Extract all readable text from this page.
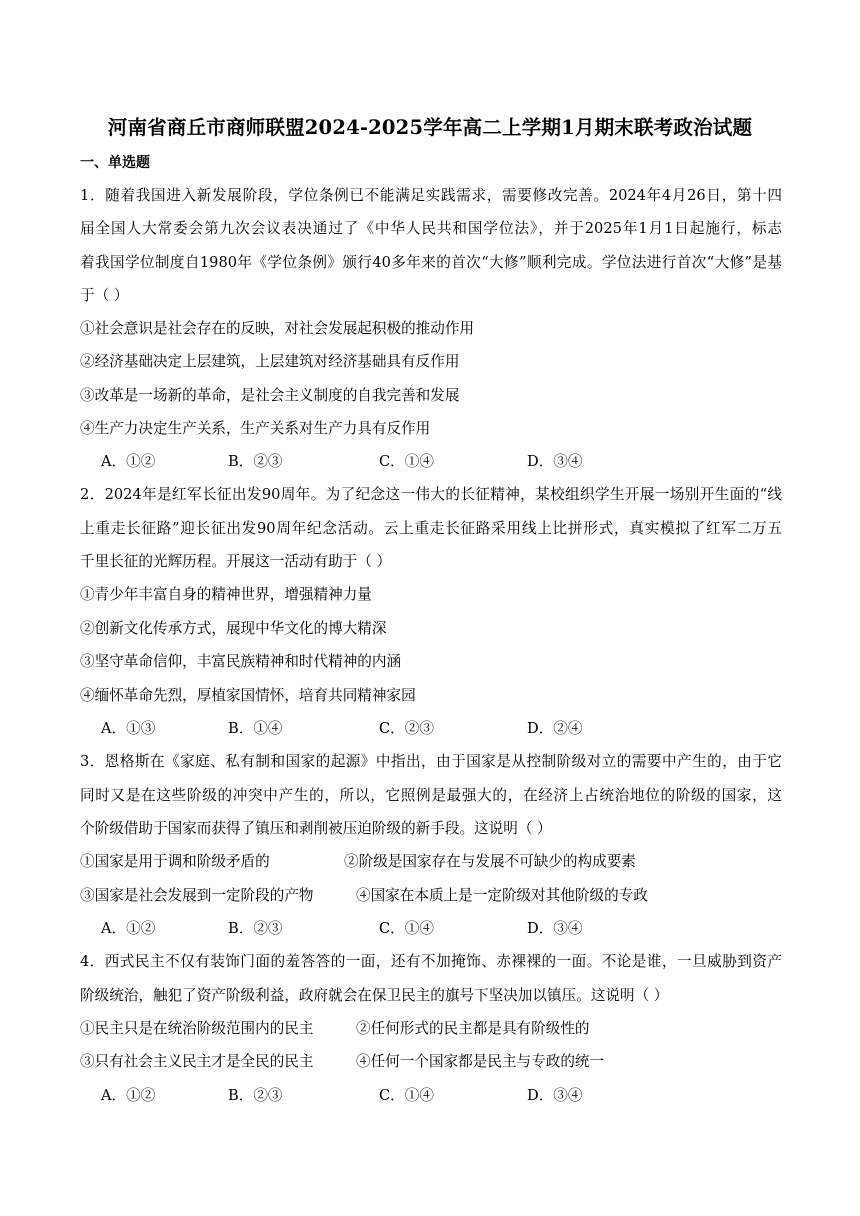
河南省商丘市商师联盟2024-2025学年高二上学期1月期末联考政治试题
一、单选题
1．随着我国进入新发展阶段，学位条例已不能满足实践需求，需要修改完善。2024年4月26日，第十四
届全国人大常委会第九次会议表决通过了《中华人民共和国学位法》，并于2025年1月1日起施行，标志
着我国学位制度自1980年《学位条例》颁行40多年来的首次“大修”顺利完成。学位法进行首次“大修”是基
于（ ）
①社会意识是社会存在的反映，对社会发展起积极的推动作用
②经济基础决定上层建筑，上层建筑对经济基础具有反作用
③改革是一场新的革命，是社会主义制度的自我完善和发展
④生产力决定生产关系，生产关系对生产力具有反作用
A．①②	B．②③	C．①④	D．③④
2．2024年是红军长征出发90周年。为了纪念这一伟大的长征精神，某校组织学生开展一场别开生面的“线
上重走长征路”迎长征出发90周年纪念活动。云上重走长征路采用线上比拼形式，真实模拟了红军二万五
千里长征的光辉历程。开展这一活动有助于（ ）
①青少年丰富自身的精神世界，增强精神力量
②创新文化传承方式，展现中华文化的博大精深
③坚守革命信仰，丰富民族精神和时代精神的内涵
④缅怀革命先烈，厚植家国情怀，培育共同精神家园
A．①③	B．①④	C．②③	D．②④
3．恩格斯在《家庭、私有制和国家的起源》中指出，由于国家是从控制阶级对立的需要中产生的，由于它
同时又是在这些阶级的冲突中产生的，所以，它照例是最强大的，在经济上占统治地位的阶级的国家，这
个阶级借助于国家而获得了镇压和剥削被压迫阶级的新手段。这说明（ ）
①国家是用于调和阶级矛盾的	②阶级是国家存在与发展不可缺少的构成要素
③国家是社会发展到一定阶段的产物	④国家在本质上是一定阶级对其他阶级的专政
A．①②	B．②③	C．①④	D．③④
4．西式民主不仅有装饰门面的羞答答的一面，还有不加掩饰、赤裸裸的一面。不论是谁，一旦威胁到资产
阶级统治，触犯了资产阶级利益，政府就会在保卫民主的旗号下坚决加以镇压。这说明（ ）
①民主只是在统治阶级范围内的民主	②任何形式的民主都是具有阶级性的
③只有社会主义民主才是全民的民主	④任何一个国家都是民主与专政的统一
A．①②	B．②③	C．①④	D．③④
